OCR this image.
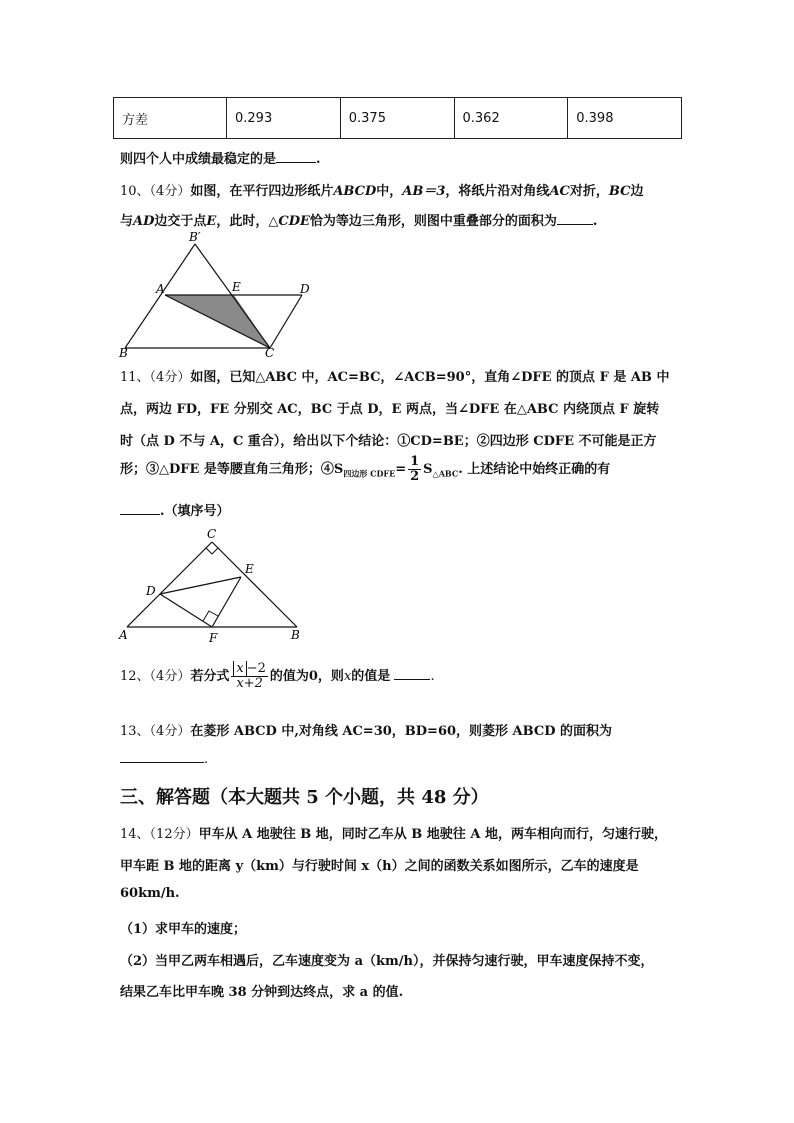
方差	0.293	0.375	0.362	0.398
则四个人中成绩最稳定的是	.
10、（4分）如图，在平行四边形纸片ABCD中，AB＝3，将纸片沿对角线AC对折，BC边
与AD边交于点E，此时，△CDE恰为等边三角形，则图中重叠部分的面积为	.
B′
A	E	D
B	C
11、（4分）如图，已知△ABC 中，AC=BC，∠ACB=90°，直角∠DFE 的顶点 F 是 AB 中
点，两边 FD，FE 分别交 AC，BC 于点 D，E 两点，当∠DFE 在△ABC 内绕顶点 F 旋转
时（点 D 不与 A，C 重合），给出以下个结论：①CD=BE；②四边形 CDFE 不可能是正方
形；③△DFE 是等腰直角三角形；$④S_{四边形 CDFE}= \frac{1}{2} S_{\triangle ABC}$. 上述结论中始终正确的有
.（填序号）
C
D
E
A	F	B
12、（4分）若分式 $\frac{x -2}{x+2}$ 的值为0，则x的值是	.
13、（4分）在菱形 ABCD 中,对角线 AC=30，BD=60，则菱形 ABCD 的面积为
.
三、解答题（本大题共 5 个小题，共 48 分）
14、（12分）甲车从 A 地驶往 B 地，同时乙车从 B 地驶往 A 地，两车相向而行，匀速行驶，
甲车距 B 地的距离 y（km）与行驶时间 x（h）之间的函数关系如图所示，乙车的速度是
60km/h.
（1）求甲车的速度；
（2）当甲乙两车相遇后，乙车速度变为 a（km/h），并保持匀速行驶，甲车速度保持不变，
结果乙车比甲车晚 38 分钟到达终点，求 a 的值.
